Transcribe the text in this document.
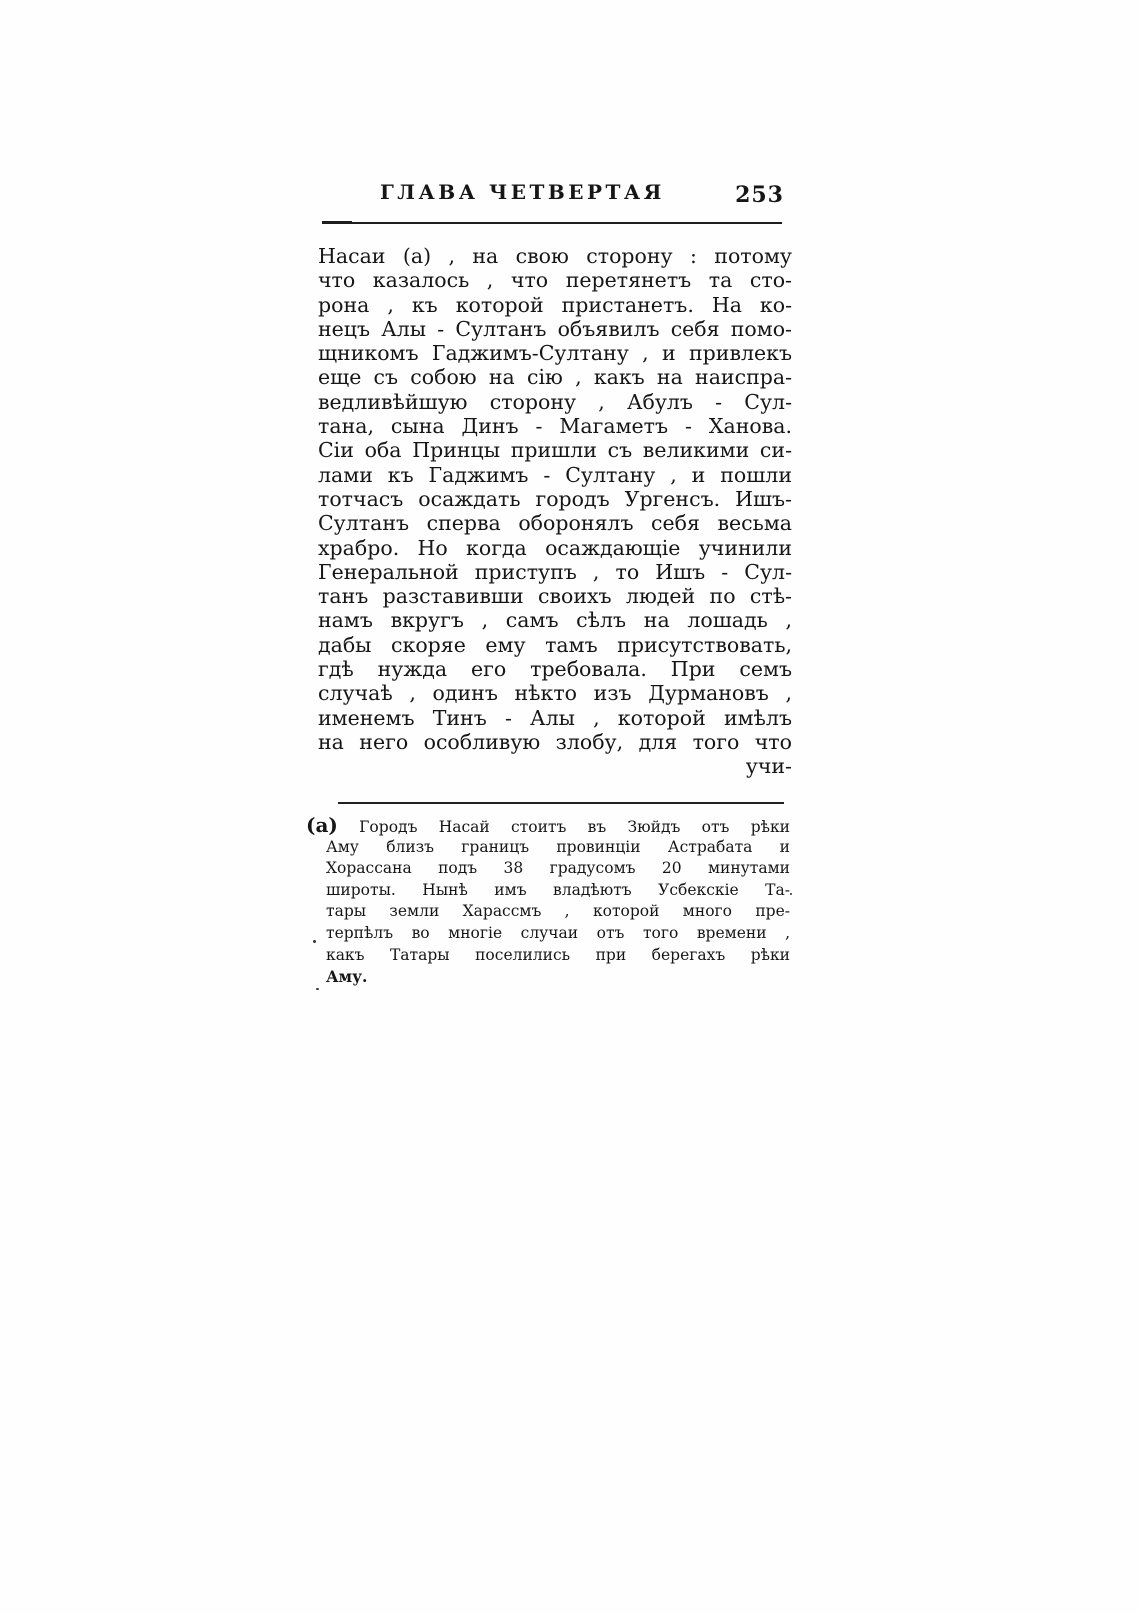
ГЛАВА ЧЕТВЕРТАЯ	253
Насаи (а) , на свою сторону : потому
что казалось , что перетянетъ та сто-
рона , къ которой пристанетъ. На ко-
нецъ Алы - Султанъ объявилъ себя помо-
щникомъ Гаджимъ-Султану , и привлекъ
еще съ собою на сію , какъ на наиспра-
ведливѣйшую сторону , Абулъ - Сул-
тана, сына Динъ - Магаметъ - Ханова.
Сіи оба Принцы пришли съ великими си-
лами къ Гаджимъ - Султану , и пошли
тотчасъ осаждать городъ Ургенсъ. Ишъ-
Султанъ сперва оборонялъ себя весьма
храбро. Но когда осаждающіе учинили
Генеральной приступъ , то Ишъ - Сул-
танъ разставивши своихъ людей по стѣ-
намъ вкругъ , самъ сѣлъ на лошадь ,
дабы скоряе ему тамъ присутствовать,
гдѣ нужда его требовала. При семъ
случаѣ , одинъ нѣкто изъ Дурмановъ ,
именемъ Тинъ - Алы , которой имѣлъ
на него особливую злобу, для того что
учи-
(а) Городъ Насай стоитъ въ Зюйдъ отъ рѣки
Аму близъ границъ провинціи Астрабата и
Хорассана подъ 38 градусомъ 20 минутами
широты. Нынѣ имъ владѣютъ Усбекскіе Та-
тары земли Харассмъ , которой много пре-
терпѣлъ во многіе случаи отъ того времени ,
какъ Татары поселились при берегахъ рѣки
Аму.
